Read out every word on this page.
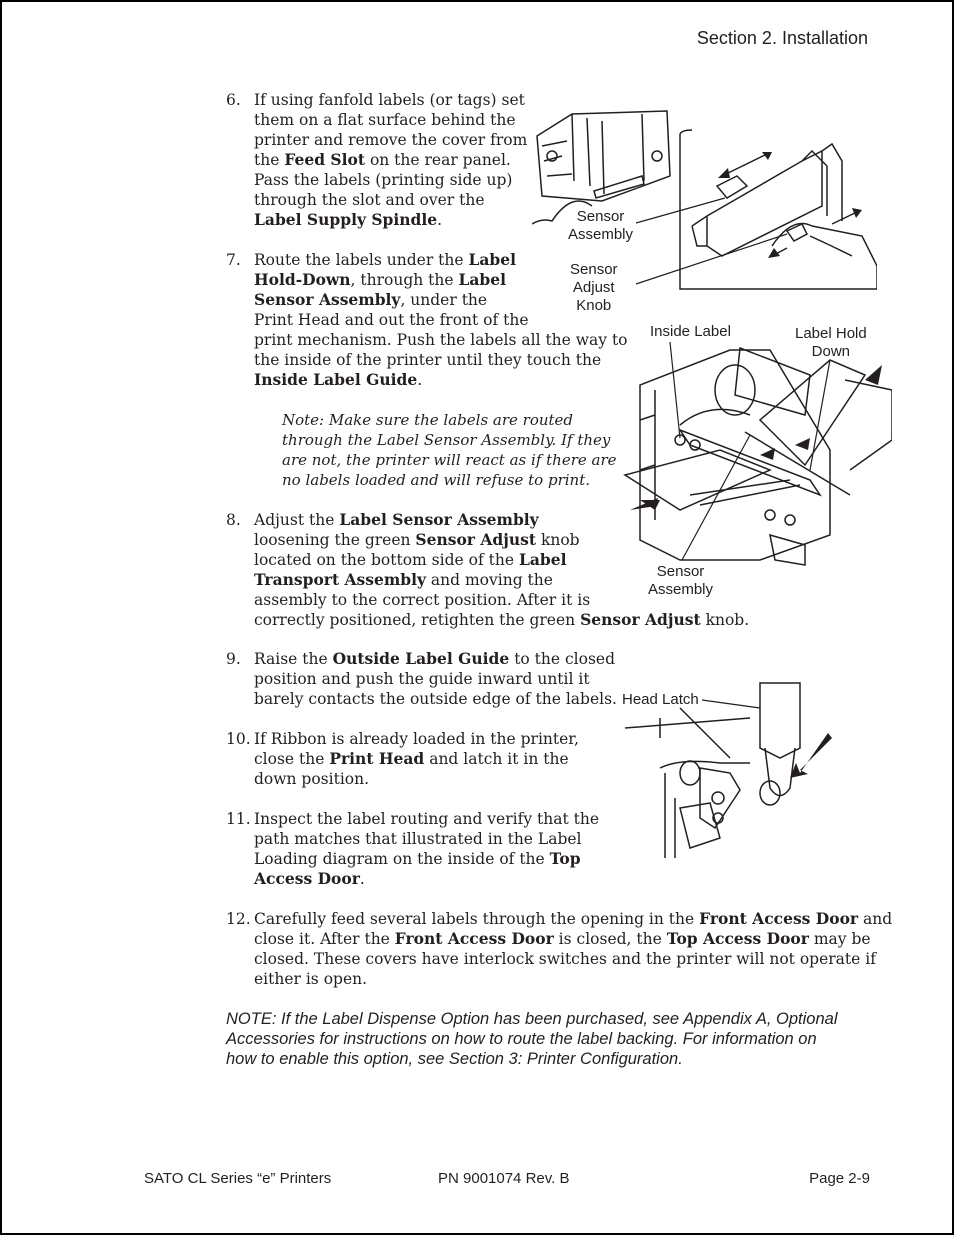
Section 2. Installation
6. If using fanfold labels (or tags) set
them on a flat surface behind the
printer and remove the cover from
the Feed Slot on the rear panel.
Pass the labels (printing side up)
through the slot and over the
Label Supply Spindle.
7. Route the labels under the Label
Hold-Down, through the Label
Sensor Assembly, under the
Print Head and out the front of the
print mechanism. Push the labels all the way to
the inside of the printer until they touch the
Inside Label Guide.
8. Adjust the Label Sensor Assembly
loosening the green Sensor Adjust knob
located on the bottom side of the Label
Transport Assembly and moving the
assembly to the correct position. After it is
correctly positioned, retighten the green Sensor Adjust knob.
9. Raise the Outside Label Guide to the closed
position and push the guide inward until it
barely contacts the outside edge of the labels.
10. If Ribbon is already loaded in the printer,
close the Print Head and latch it in the
down position.
11. Inspect the label routing and verify that the
path matches that illustrated in the Label
Loading diagram on the inside of the Top
Access Door.
12. Carefully feed several labels through the opening in the Front Access Door and
close it. After the Front Access Door is closed, the Top Access Door may be
closed. These covers have interlock switches and the printer will not operate if
either is open.
Note: Make sure the labels are routed
through the Label Sensor Assembly. If they
are not, the printer will react as if there are
no labels loaded and will refuse to print.
NOTE: If the Label Dispense Option has been purchased, see Appendix A, Optional
Accessories for instructions on how to route the label backing. For information on
how to enable this option, see Section 3: Printer Configuration.
Sensor
Assembly
Sensor
Adjust
Knob
Inside Label	Label Hold
Down
Sensor
Assembly
Head Latch
SATO CL Series “e” Printers	PN 9001074 Rev. B	Page 2-9
